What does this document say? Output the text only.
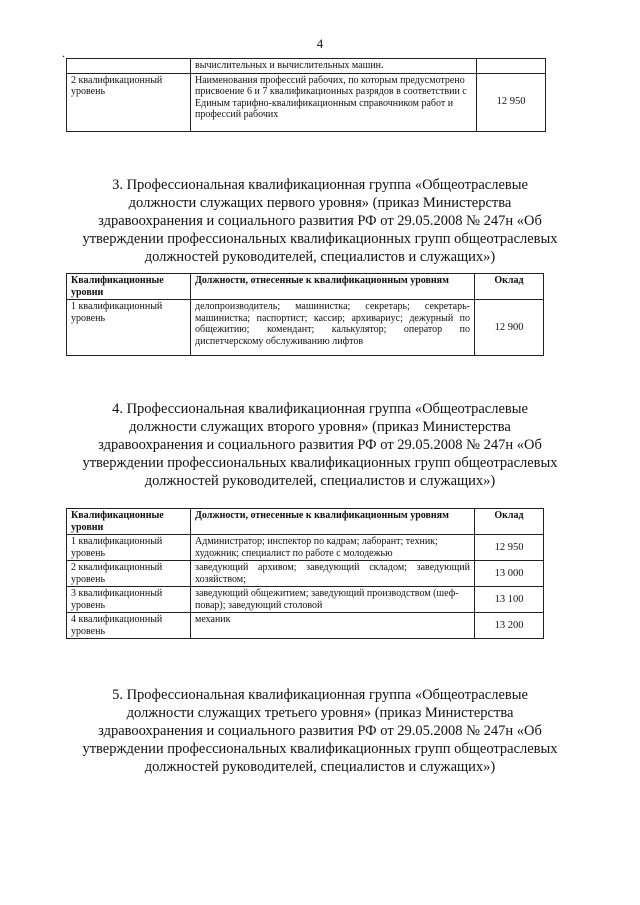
4
.
	вычислительных и вычислительных машин.	
2 квалификационный уровень	Наименования профессий рабочих, по которым предусмотрено присвоение 6 и 7 квалификационных разрядов в соответствии с Единым тарифно-квалификационным справочником работ и профессий рабочих	12 950
3. Профессиональная квалификационная группа «Общеотраслевые должности служащих первого уровня» (приказ Министерства здравоохранения и социального развития РФ от 29.05.2008 № 247н «Об утверждении профессиональных квалификационных групп общеотраслевых должностей руководителей, специалистов и служащих»)
Квалификационные уровни	Должности, отнесенные к квалификационным уровням	Оклад
1 квалификационный уровень	делопроизводитель; машинистка; секретарь; секретарь-машинистка; паспортист; кассир; архивариус; дежурный по общежитию; комендант; калькулятор; оператор по диспетчерскому обслуживанию лифтов	12 900
4. Профессиональная квалификационная группа «Общеотраслевые должности служащих второго уровня» (приказ Министерства здравоохранения и социального развития РФ от 29.05.2008 № 247н «Об утверждении профессиональных квалификационных групп общеотраслевых должностей руководителей, специалистов и служащих»)
Квалификационные уровни	Должности, отнесенные к квалификационным уровням	Оклад
1 квалификационный уровень	Администратор; инспектор по кадрам; лаборант; техник; художник; специалист по работе с молодежью	12 950
2 квалификационный уровень	заведующий архивом; заведующий складом; заведующий хозяйством;	13 000
3 квалификационный уровень	заведующий общежитием; заведующий производством (шеф-повар); заведующий столовой	13 100
4 квалификационный уровень	механик	13 200
5. Профессиональная квалификационная группа «Общеотраслевые должности служащих третьего уровня» (приказ Министерства здравоохранения и социального развития РФ от 29.05.2008 № 247н «Об утверждении профессиональных квалификационных групп общеотраслевых должностей руководителей, специалистов и служащих»)
